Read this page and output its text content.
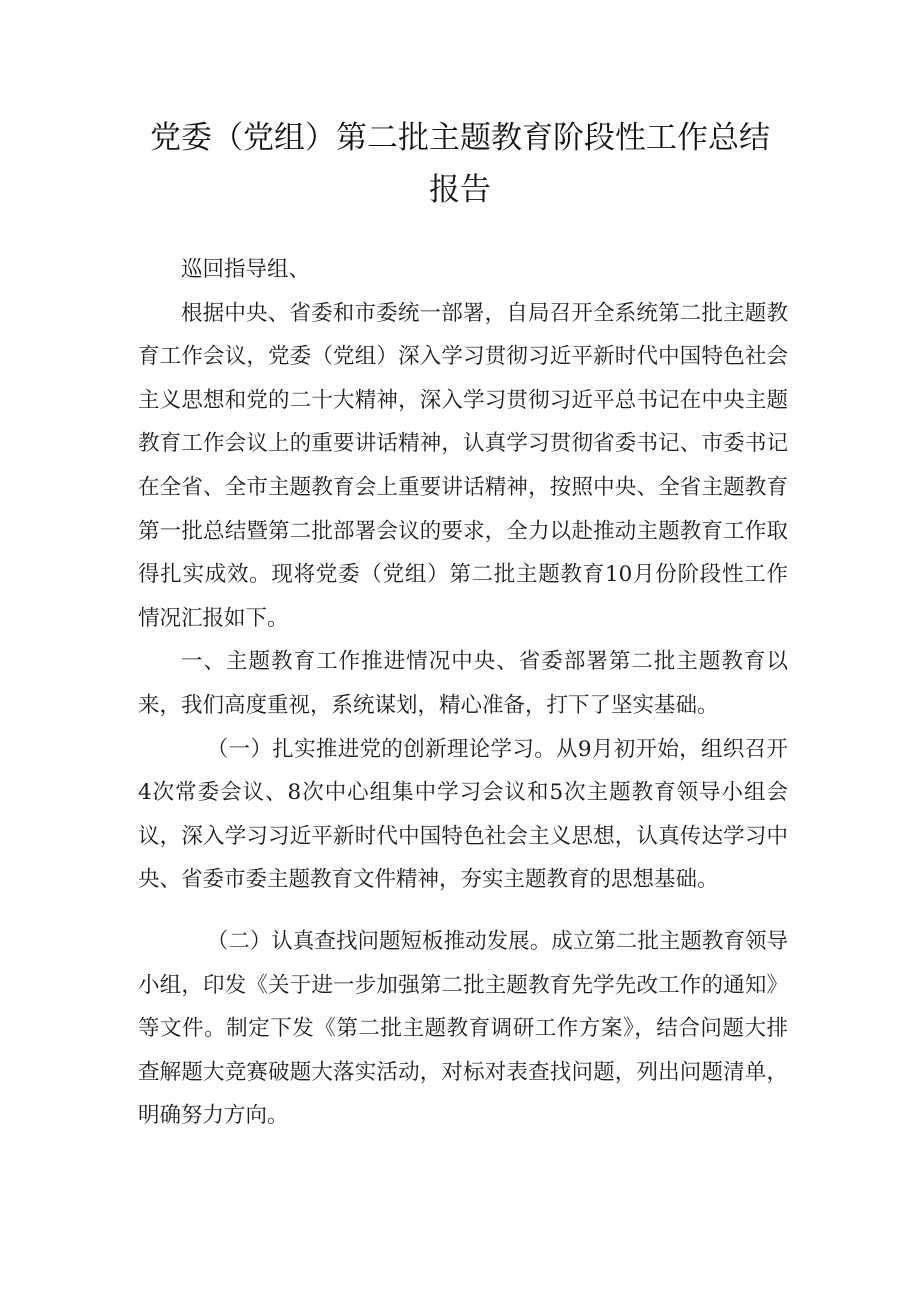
党委（党组）第二批主题教育阶段性工作总结报告

巡回指导组、

根据中央、省委和市委统一部署，自局召开全系统第二批主题教育工作会议，党委（党组）深入学习贯彻习近平新时代中国特色社会主义思想和党的二十大精神，深入学习贯彻习近平总书记在中央主题教育工作会议上的重要讲话精神，认真学习贯彻省委书记、市委书记在全省、全市主题教育会上重要讲话精神，按照中央、全省主题教育第一批总结暨第二批部署会议的要求，全力以赴推动主题教育工作取得扎实成效。现将党委（党组）第二批主题教育10月份阶段性工作情况汇报如下。

一、主题教育工作推进情况中央、省委部署第二批主题教育以来，我们高度重视，系统谋划，精心准备，打下了坚实基础。

（一）扎实推进党的创新理论学习。从9月初开始，组织召开4次常委会议、8次中心组集中学习会议和5次主题教育领导小组会议，深入学习习近平新时代中国特色社会主义思想，认真传达学习中央、省委市委主题教育文件精神，夯实主题教育的思想基础。

（二）认真查找问题短板推动发展。成立第二批主题教育领导小组，印发《关于进一步加强第二批主题教育先学先改工作的通知》等文件。制定下发《第二批主题教育调研工作方案》，结合问题大排查解题大竞赛破题大落实活动，对标对表查找问题，列出问题清单，明确努力方向。
